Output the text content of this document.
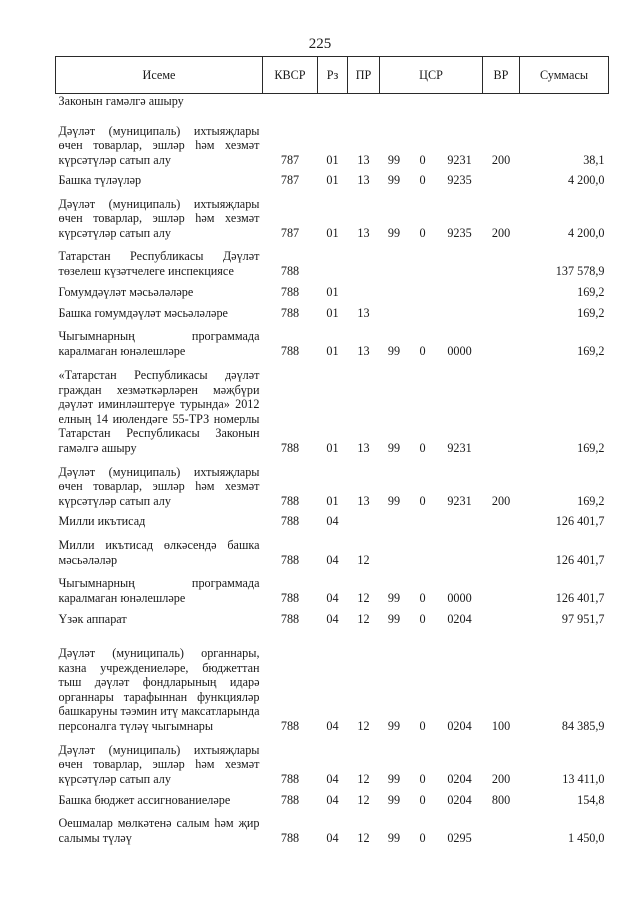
225
Исеме	КВСР	Рз	ПР	ЦСР			ВР	Суммасы
Законын гамәлгә ашыру								
Дәүләт (муниципаль) ихтыяҗлары өчен товарлар, эшләр һәм хезмәт күрсәтүләр сатып алу	787	01	13	99	0	9231	200	38,1
Башка түләүләр	787	01	13	99	0	9235		4 200,0
Дәүләт (муниципаль) ихтыяҗлары өчен товарлар, эшләр һәм хезмәт күрсәтүләр сатып алу	787	01	13	99	0	9235	200	4 200,0
Татарстан Республикасы Дәүләт төзелеш күзәтчелеге инспекциясе	788							137 578,9
Гомумдәүләт мәсьәләләре	788	01						169,2
Башка гомумдәүләт мәсьәләләре	788	01	13					169,2
Чыгымнарның программада каралмаган юнәлешләре	788	01	13	99	0	0000		169,2
«Татарстан Республикасы дәүләт граждан хезмәткәрләрен мәҗбүри дәүләт иминләштерүе турында» 2012 елның 14 июлендәге 55-ТРЗ номерлы Татарстан Республикасы Законын гамәлгә ашыру	788	01	13	99	0	9231		169,2
Дәүләт (муниципаль) ихтыяҗлары өчен товарлар, эшләр һәм хезмәт күрсәтүләр сатып алу	788	01	13	99	0	9231	200	169,2
Милли икътисад	788	04						126 401,7
Милли икътисад өлкәсендә башка мәсьәләләр	788	04	12					126 401,7
Чыгымнарның программада каралмаган юнәлешләре	788	04	12	99	0	0000		126 401,7
Үзәк аппарат	788	04	12	99	0	0204		97 951,7
Дәүләт (муниципаль) органнары, казна учреждениеләре, бюджеттан тыш дәүләт фондларының идарә органнары тарафыннан функцияләр башкаруны тәэмин итү максатларында персоналга түләү чыгымнары	788	04	12	99	0	0204	100	84 385,9
Дәүләт (муниципаль) ихтыяҗлары өчен товарлар, эшләр һәм хезмәт күрсәтүләр сатып алу	788	04	12	99	0	0204	200	13 411,0
Башка бюджет ассигнованиеләре	788	04	12	99	0	0204	800	154,8
Оешмалар мөлкәтенә салым һәм җир салымы түләү	788	04	12	99	0	0295		1 450,0
